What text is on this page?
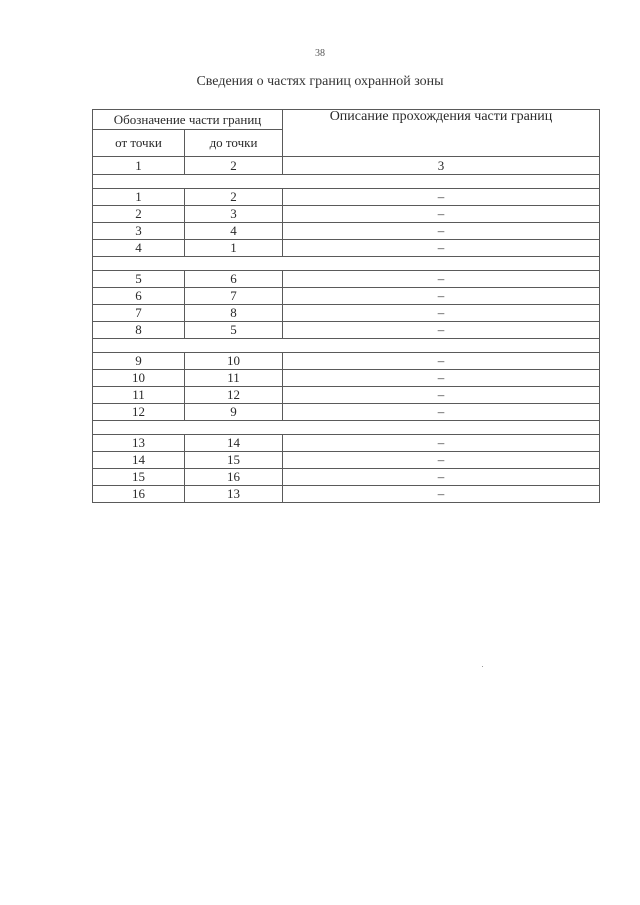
38
Сведения о частях границ охранной зоны
Обозначение части границ		Описание прохождения части границ
от точки	до точки	
1	2	3

1	2	–
2	3	–
3	4	–
4	1	–

5	6	–
6	7	–
7	8	–
8	5	–

9	10	–
10	11	–
11	12	–
12	9	–

13	14	–
14	15	–
15	16	–
16	13	–
